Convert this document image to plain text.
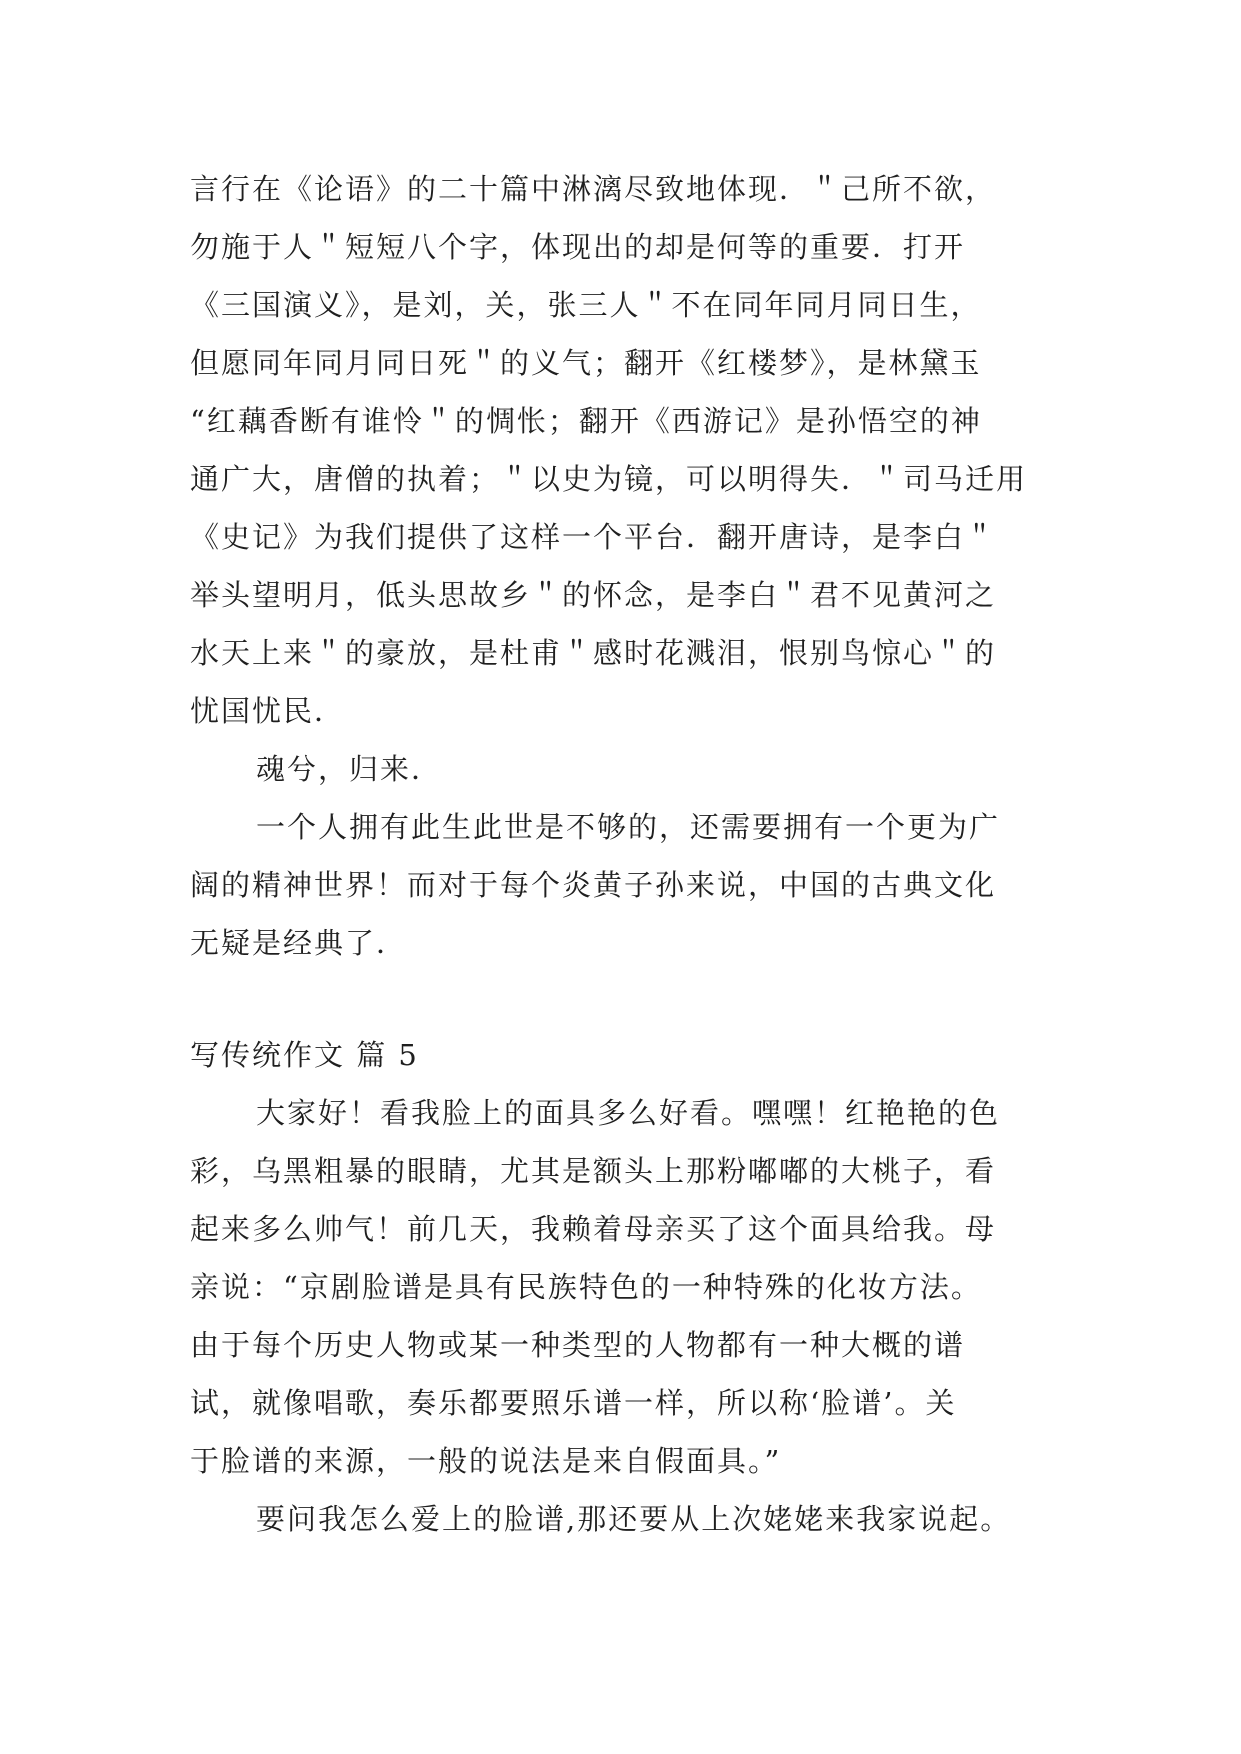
言行在《论语》的二十篇中淋漓尽致地体现．＂己所不欲，
勿施于人＂短短八个字，体现出的却是何等的重要．打开
《三国演义》，是刘，关，张三人＂不在同年同月同日生，
但愿同年同月同日死＂的义气；翻开《红楼梦》，是林黛玉
“红藕香断有谁怜＂的惆怅；翻开《西游记》是孙悟空的神
通广大，唐僧的执着；＂以史为镜，可以明得失．＂司马迁用
《史记》为我们提供了这样一个平台．翻开唐诗，是李白＂
举头望明月，低头思故乡＂的怀念，是李白＂君不见黄河之
水天上来＂的豪放，是杜甫＂感时花溅泪，恨别鸟惊心＂的
忧国忧民．
魂兮，归来．
一个人拥有此生此世是不够的，还需要拥有一个更为广
阔的精神世界！而对于每个炎黄子孙来说，中国的古典文化
无疑是经典了．
写传统作文 篇 5
大家好！看我脸上的面具多么好看。嘿嘿！红艳艳的色
彩，乌黑粗暴的眼睛，尤其是额头上那粉嘟嘟的大桃子，看
起来多么帅气！前几天，我赖着母亲买了这个面具给我。母
亲说：“京剧脸谱是具有民族特色的一种特殊的化妆方法。
由于每个历史人物或某一种类型的人物都有一种大概的谱
试，就像唱歌，奏乐都要照乐谱一样，所以称‘脸谱’。关
于脸谱的来源，一般的说法是来自假面具。”
要问我怎么爱上的脸谱,那还要从上次姥姥来我家说起。
